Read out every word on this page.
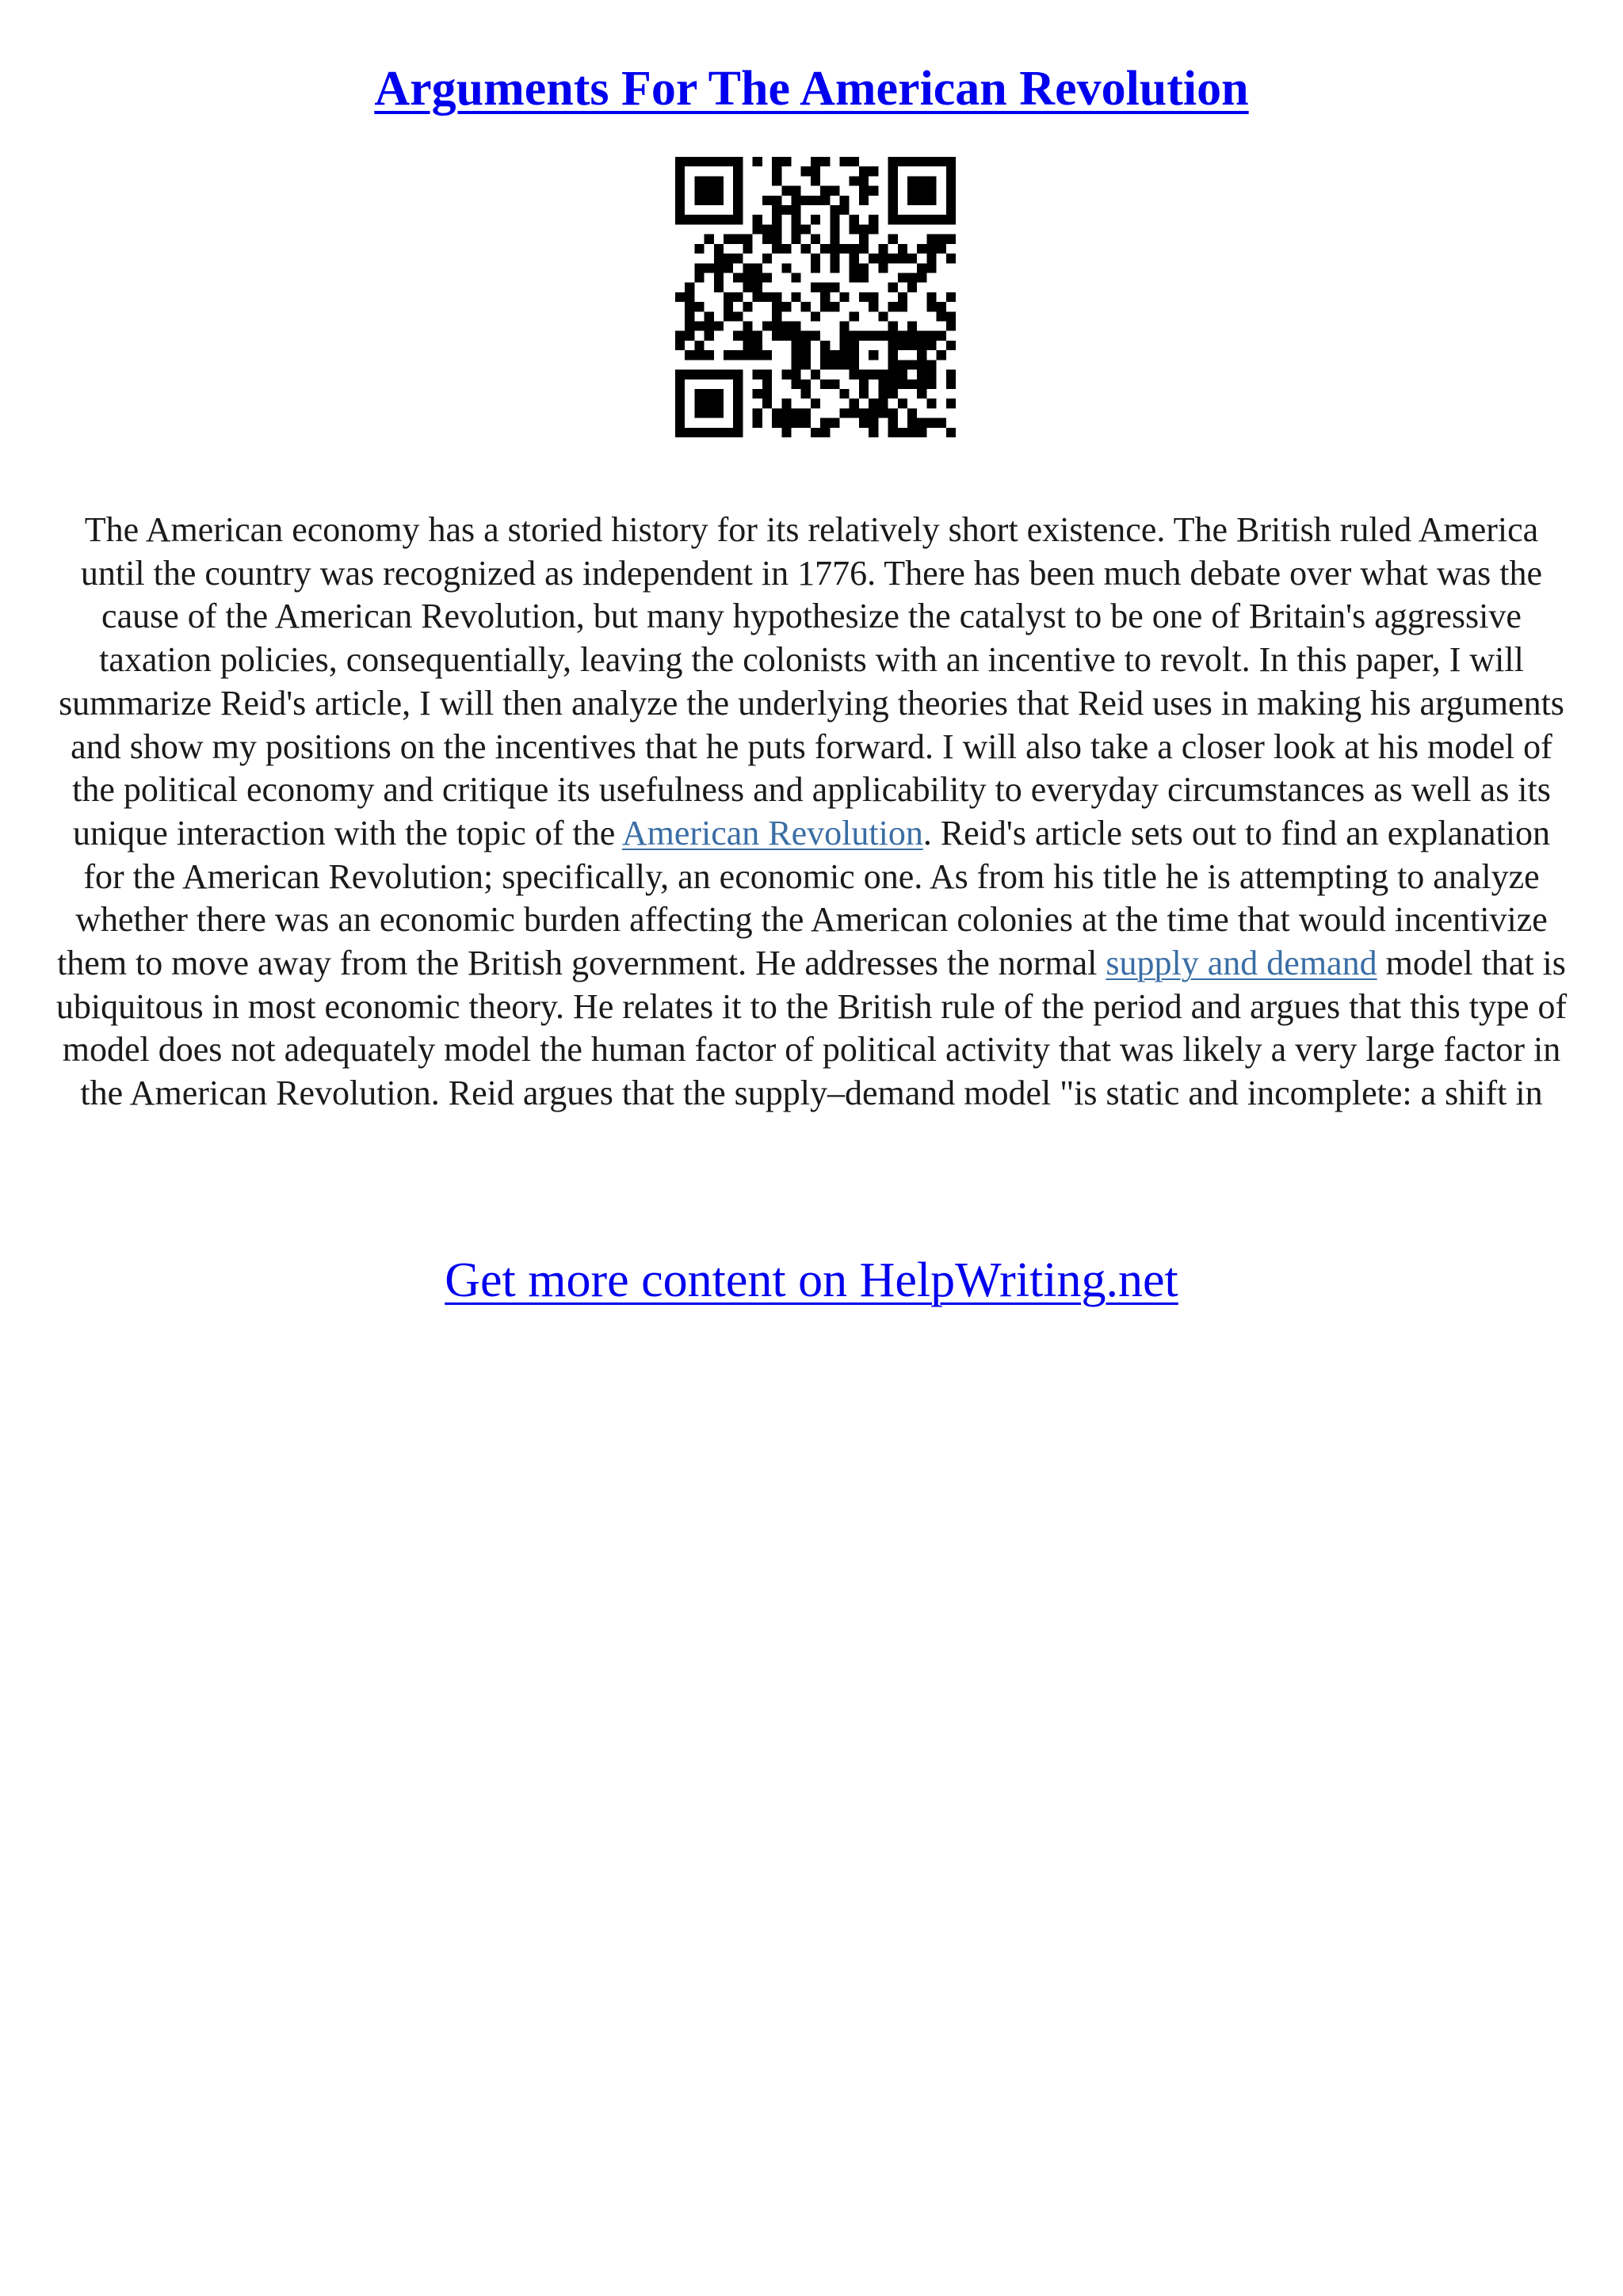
Arguments For The American Revolution
The American economy has a storied history for its relatively short existence. The British ruled America until the country was recognized as independent in 1776. There has been much debate over what was the cause of the American Revolution, but many hypothesize the catalyst to be one of Britain's aggressive taxation policies, consequentially, leaving the colonists with an incentive to revolt. In this paper, I will summarize Reid's article, I will then analyze the underlying theories that Reid uses in making his arguments and show my positions on the incentives that he puts forward. I will also take a closer look at his model of the political economy and critique its usefulness and applicability to everyday circumstances as well as its unique interaction with the topic of the American Revolution. Reid's article sets out to find an explanation for the American Revolution; specifically, an economic one. As from his title he is attempting to analyze whether there was an economic burden affecting the American colonies at the time that would incentivize them to move away from the British government. He addresses the normal supply and demand model that is ubiquitous in most economic theory. He relates it to the British rule of the period and argues that this type of model does not adequately model the human factor of political activity that was likely a very large factor in the American Revolution. Reid argues that the supply–demand model "is static and incomplete: a shift in
Get more content on HelpWriting.net
